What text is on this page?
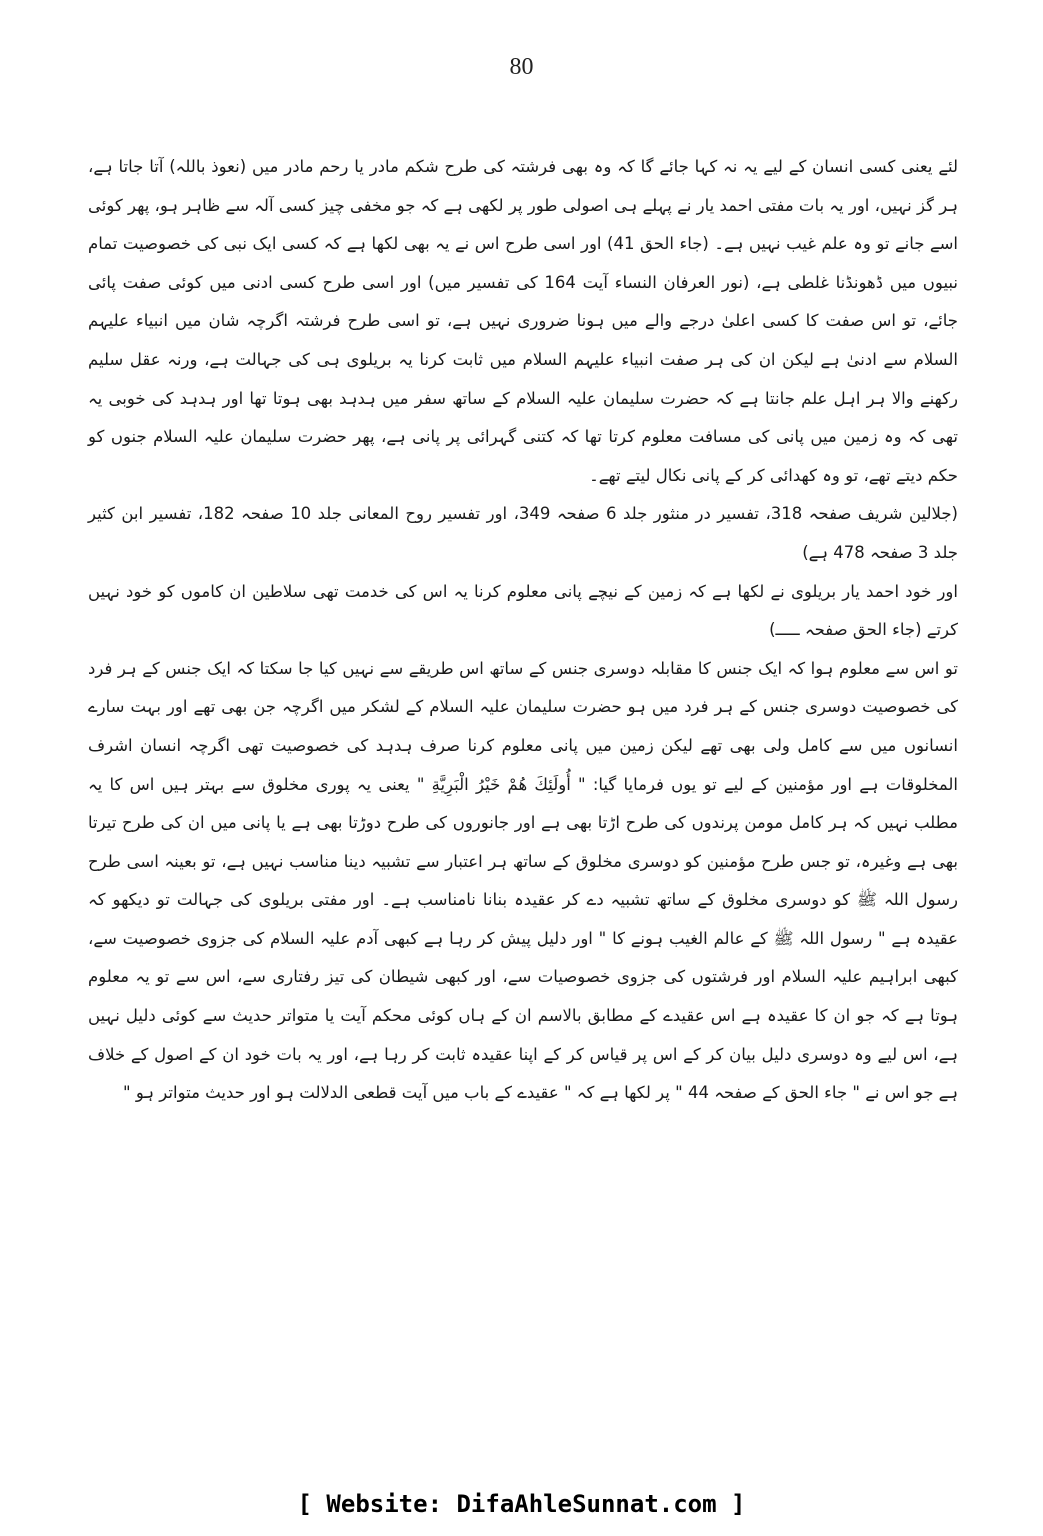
80

لئے یعنی کسی انسان کے لیے یہ نہ کہا جائے گا کہ وہ بھی فرشتہ کی طرح شکم مادر یا رحم مادر میں (نعوذ باللہ) آتا جاتا ہے، ہر گز نہیں، اور یہ بات مفتی احمد یار نے پہلے ہی اصولی طور پر لکھی ہے کہ جو مخفی چیز کسی آلہ سے ظاہر ہو، پھر کوئی اسے جانے تو وہ علم غیب نہیں ہے۔ (جاء الحق 41) اور اسی طرح اس نے یہ بھی لکھا ہے کہ کسی ایک نبی کی خصوصیت تمام نبیوں میں ڈھونڈنا غلطی ہے، (نور العرفان النساء آیت 164 کی تفسیر میں) اور اسی طرح کسی ادنی میں کوئی صفت پائی جائے، تو اس صفت کا کسی اعلیٰ درجے والے میں ہونا ضروری نہیں ہے، تو اسی طرح فرشتہ اگرچہ شان میں انبیاء علیہم السلام سے ادنیٰ ہے لیکن ان کی ہر صفت انبیاء علیہم السلام میں ثابت کرنا یہ بریلوی ہی کی جہالت ہے، ورنہ عقل سلیم رکھنے والا ہر اہل علم جانتا ہے کہ حضرت سلیمان علیہ السلام کے ساتھ سفر میں ہدہد بھی ہوتا تھا اور ہدہد کی خوبی یہ تھی کہ وہ زمین میں پانی کی مسافت معلوم کرتا تھا کہ کتنی گہرائی پر پانی ہے، پھر حضرت سلیمان علیہ السلام جنوں کو حکم دیتے تھے، تو وہ کھدائی کر کے پانی نکال لیتے تھے۔

(جلالین شریف صفحہ 318، تفسیر در منثور جلد 6 صفحہ 349، اور تفسیر روح المعانی جلد 10 صفحہ 182، تفسیر ابن کثیر جلد 3 صفحہ 478 ہے)

اور خود احمد یار بریلوی نے لکھا ہے کہ زمین کے نیچے پانی معلوم کرنا یہ اس کی خدمت تھی سلاطین ان کاموں کو خود نہیں کرتے (جاء الحق صفحہ ـــــ)

تو اس سے معلوم ہوا کہ ایک جنس کا مقابلہ دوسری جنس کے ساتھ اس طریقے سے نہیں کیا جا سکتا کہ ایک جنس کے ہر فرد کی خصوصیت دوسری جنس کے ہر فرد میں ہو حضرت سلیمان علیہ السلام کے لشکر میں اگرچہ جن بھی تھے اور بہت سارے انسانوں میں سے کامل ولی بھی تھے لیکن زمین میں پانی معلوم کرنا صرف ہدہد کی خصوصیت تھی اگرچہ انسان اشرف المخلوقات ہے اور مؤمنین کے لیے تو یوں فرمایا گیا: " أُولَئِكَ هُمْ خَيْرُ الْبَرِيَّةِ " یعنی یہ پوری مخلوق سے بہتر ہیں اس کا یہ مطلب نہیں کہ ہر کامل مومن پرندوں کی طرح اڑتا بھی ہے اور جانوروں کی طرح دوڑتا بھی ہے یا پانی میں ان کی طرح تیرتا بھی ہے وغیرہ، تو جس طرح مؤمنین کو دوسری مخلوق کے ساتھ ہر اعتبار سے تشبیہ دینا مناسب نہیں ہے، تو بعینہ اسی طرح رسول اللہ ﷺ کو دوسری مخلوق کے ساتھ تشبیہ دے کر عقیدہ بنانا نامناسب ہے۔ اور مفتی بریلوی کی جہالت تو دیکھو کہ عقیدہ ہے " رسول اللہ ﷺ کے عالم الغیب ہونے کا " اور دلیل پیش کر رہا ہے کبھی آدم علیہ السلام کی جزوی خصوصیت سے، کبھی ابراہیم علیہ السلام اور فرشتوں کی جزوی خصوصیات سے، اور کبھی شیطان کی تیز رفتاری سے، اس سے تو یہ معلوم ہوتا ہے کہ جو ان کا عقیدہ ہے اس عقیدے کے مطابق بالاسم ان کے ہاں کوئی محکم آیت یا متواتر حدیث سے کوئی دلیل نہیں ہے، اس لیے وہ دوسری دلیل بیان کر کے اس پر قیاس کر کے اپنا عقیدہ ثابت کر رہا ہے، اور یہ بات خود ان کے اصول کے خلاف ہے جو اس نے " جاء الحق کے صفحہ 44 " پر لکھا ہے کہ " عقیدے کے باب میں آیت قطعی الدلالت ہو اور حدیث متواتر ہو "

[ Website: DifaAhleSunnat.com ]
